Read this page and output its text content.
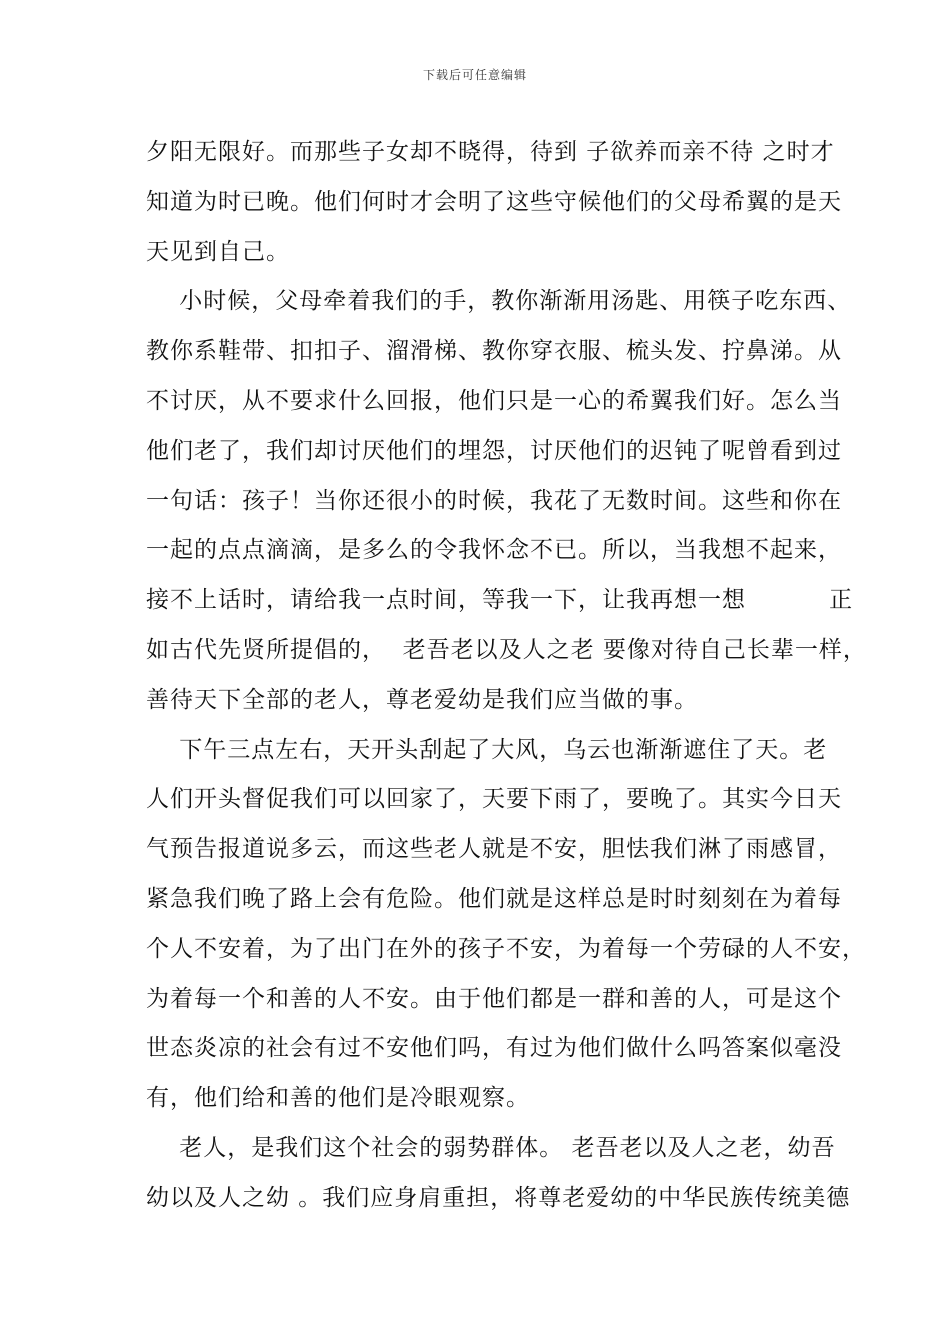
下载后可任意编辑
夕阳无限好。而那些子女却不晓得，待到 子欲养而亲不待 之时才
知道为时已晚。他们何时才会明了这些守候他们的父母希翼的是天
天见到自己。
小时候，父母牵着我们的手，教你渐渐用汤匙、用筷子吃东西、
教你系鞋带、扣扣子、溜滑梯、教你穿衣服、梳头发、拧鼻涕。从
不讨厌，从不要求什么回报，他们只是一心的希翼我们好。怎么当
他们老了，我们却讨厌他们的埋怨，讨厌他们的迟钝了呢曾看到过
一句话：孩子！当你还很小的时候，我花了无数时间。这些和你在
一起的点点滴滴，是多么的令我怀念不已。所以，当我想不起来，
接不上话时，请给我一点时间，等我一下，让我再想一想          正
如古代先贤所提倡的，  老吾老以及人之老 要像对待自己长辈一样，
善待天下全部的老人，尊老爱幼是我们应当做的事。
下午三点左右，天开头刮起了大风，乌云也渐渐遮住了天。老
人们开头督促我们可以回家了，天要下雨了，要晚了。其实今日天
气预告报道说多云，而这些老人就是不安，胆怯我们淋了雨感冒，
紧急我们晚了路上会有危险。他们就是这样总是时时刻刻在为着每
个人不安着，为了出门在外的孩子不安，为着每一个劳碌的人不安，
为着每一个和善的人不安。由于他们都是一群和善的人，可是这个
世态炎凉的社会有过不安他们吗，有过为他们做什么吗答案似毫没
有，他们给和善的他们是冷眼观察。
老人，是我们这个社会的弱势群体。 老吾老以及人之老，幼吾
幼以及人之幼 。我们应身肩重担，将尊老爱幼的中华民族传统美德
